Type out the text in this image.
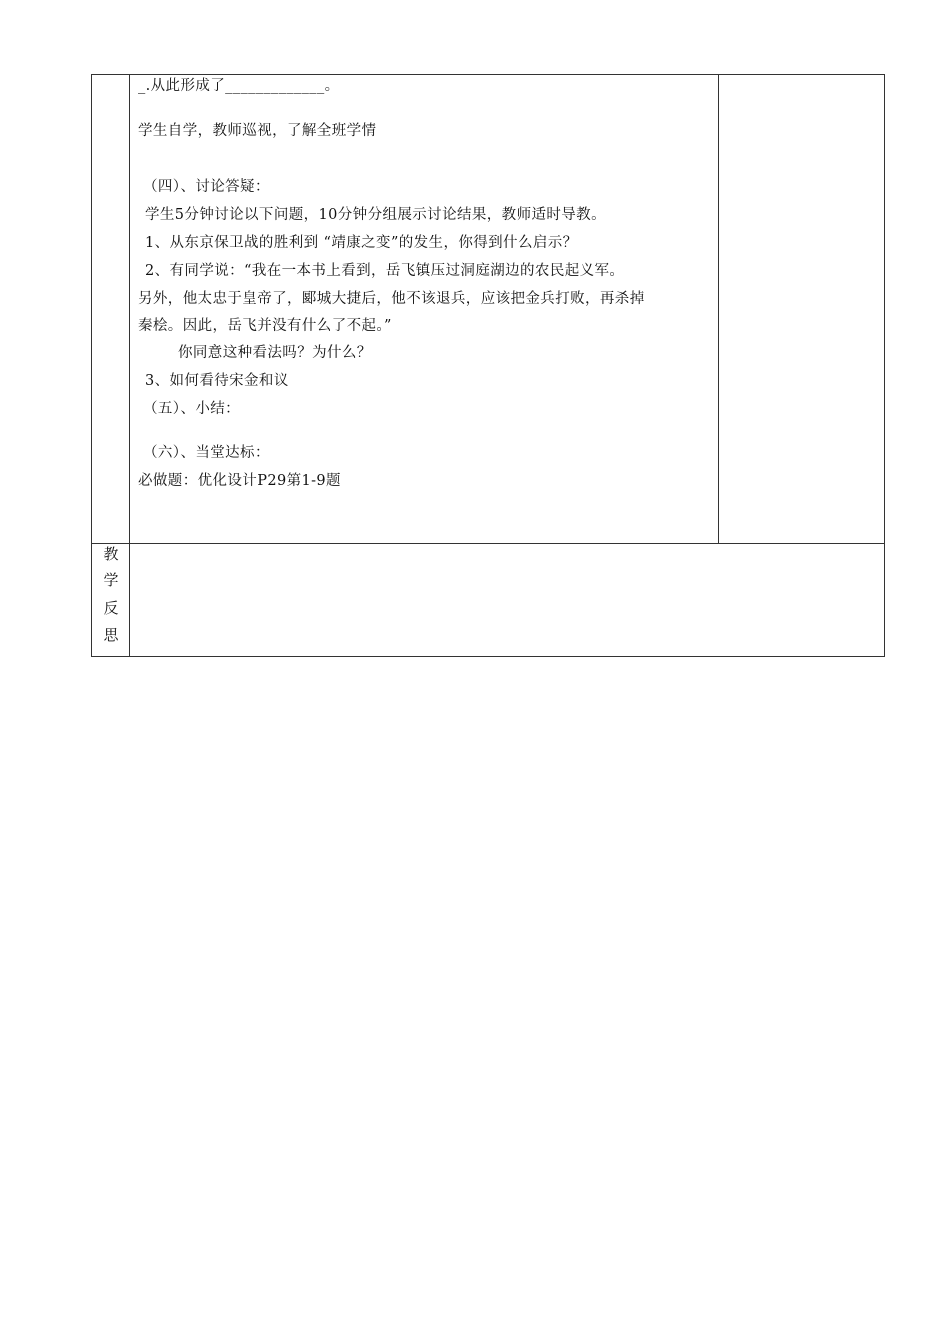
_.从此形成了_____________。
学生自学，教师巡视，了解全班学情
（四）、讨论答疑：
学生5分钟讨论以下问题，10分钟分组展示讨论结果，教师适时导教。
1、从东京保卫战的胜利到 “靖康之变”的发生，你得到什么启示？
2、有同学说：“我在一本书上看到，岳飞镇压过洞庭湖边的农民起义军。
另外，他太忠于皇帝了，郾城大捷后，他不该退兵，应该把金兵打败，再杀掉
秦桧。因此，岳飞并没有什么了不起。”
你同意这种看法吗？为什么？
3、如何看待宋金和议
（五）、小结：
（六）、当堂达标：
必做题：优化设计P29第1-9题
教
学
反
思
